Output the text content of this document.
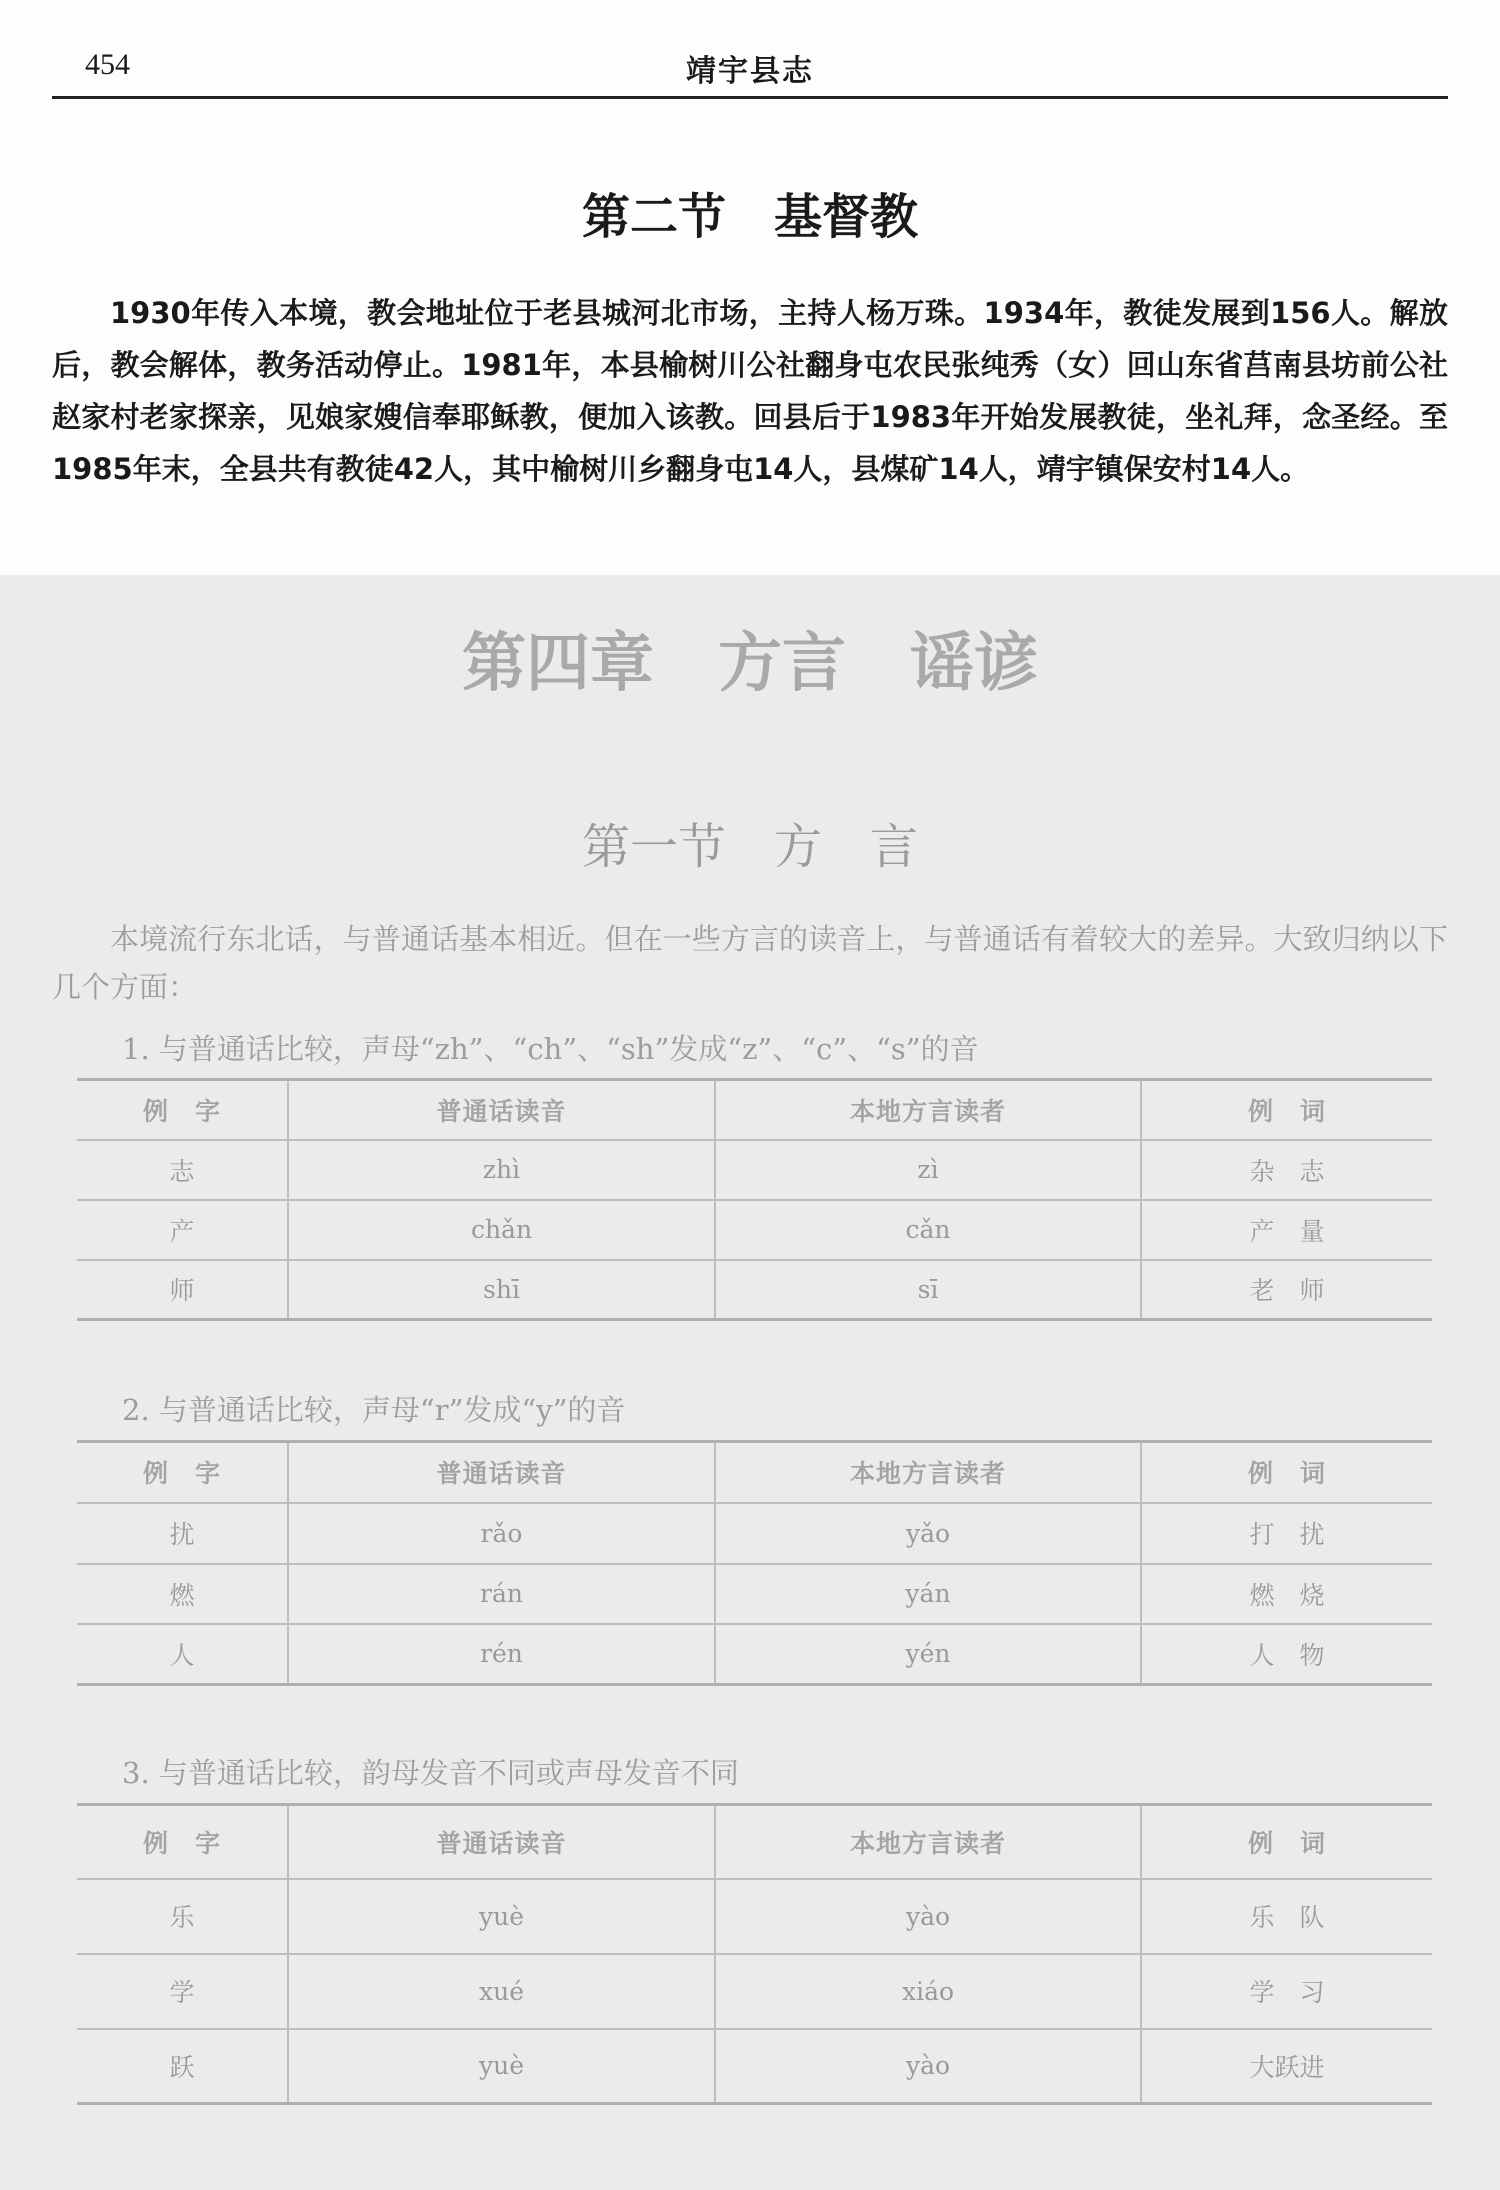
454	靖宇县志
第二节　基督教
1930年传入本境，教会地址位于老县城河北市场，主持人杨万珠。1934年，教徒发展到156人。解放后，教会解体，教务活动停止。1981年，本县榆树川公社翻身屯农民张纯秀（女）回山东省莒南县坊前公社赵家村老家探亲，见娘家嫂信奉耶稣教，便加入该教。回县后于1983年开始发展教徒，坐礼拜，念圣经。至1985年末，全县共有教徒42人，其中榆树川乡翻身屯14人，县煤矿14人，靖宇镇保安村14人。
第四章　方言　谣谚
第一节　方　言
本境流行东北话，与普通话基本相近。但在一些方言的读音上，与普通话有着较大的差异。大致归纳以下几个方面：
1. 与普通话比较，声母“zh”、“ch”、“sh”发成“z”、“c”、“s”的音
例　字	普通话读音	本地方言读者	例　词
志	zhì	zì	杂　志
产	chǎn	cǎn	产　量
师	shī	sī	老　师
2. 与普通话比较，声母“r”发成“y”的音
例　字	普通话读音	本地方言读者	例　词
扰	rǎo	yǎo	打　扰
燃	rán	yán	燃　烧
人	rén	yén	人　物
3. 与普通话比较，韵母发音不同或声母发音不同
例　字	普通话读音	本地方言读者	例　词
乐	yuè	yào	乐　队
学	xué	xiáo	学　习
跃	yuè	yào	大跃进
